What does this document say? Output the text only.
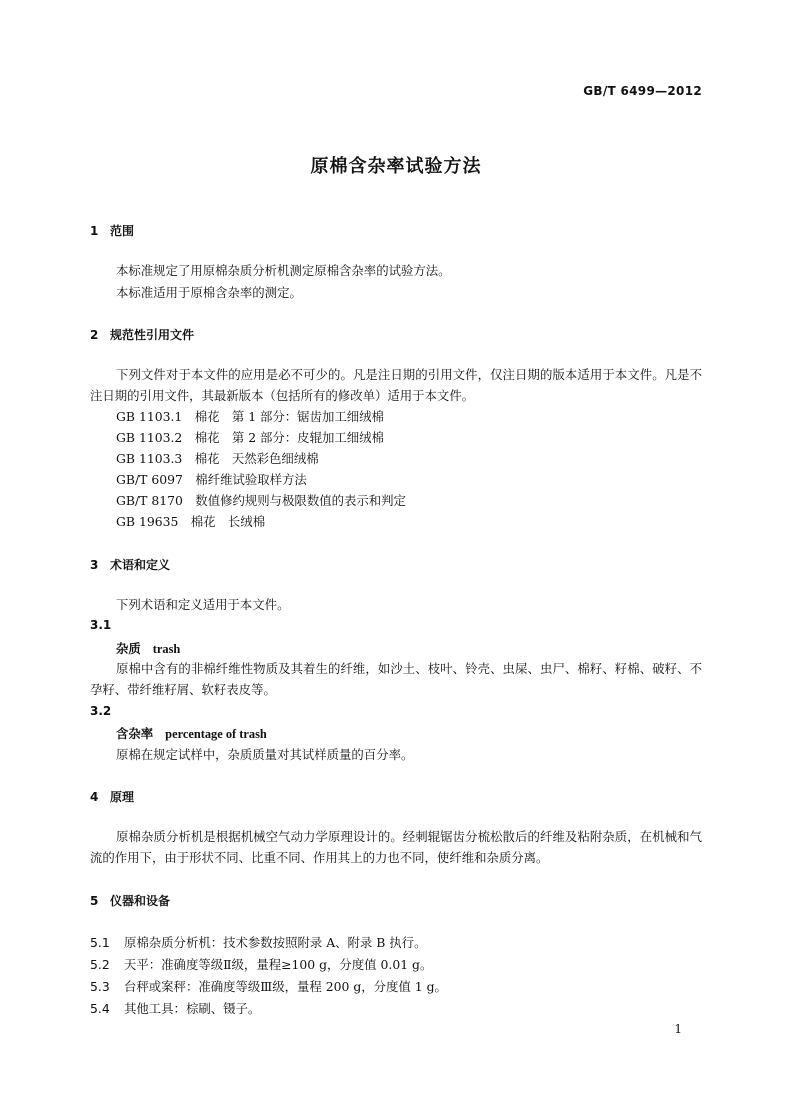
GB/T 6499—2012
原棉含杂率试验方法
1 范围

本标准规定了用原棉杂质分析机测定原棉含杂率的试验方法。

本标准适用于原棉含杂率的测定。

2 规范性引用文件

下列文件对于本文件的应用是必不可少的。凡是注日期的引用文件，仅注日期的版本适用于本文件。凡是不注日期的引用文件，其最新版本（包括所有的修改单）适用于本文件。

GB 1103.1　棉花　第 1 部分：锯齿加工细绒棉
GB 1103.2　棉花　第 2 部分：皮辊加工细绒棉
GB 1103.3　棉花　天然彩色细绒棉
GB/T 6097　棉纤维试验取样方法
GB/T 8170　数值修约规则与极限数值的表示和判定
GB 19635　棉花　长绒棉
3 术语和定义

下列术语和定义适用于本文件。

3.1
杂质 trash

原棉中含有的非棉纤维性物质及其着生的纤维，如沙土、枝叶、铃壳、虫屎、虫尸、棉籽、籽棉、破籽、不孕籽、带纤维籽屑、软籽表皮等。

3.2
含杂率 percentage of trash

原棉在规定试样中，杂质质量对其试样质量的百分率。

4 原理

原棉杂质分析机是根据机械空气动力学原理设计的。经刺辊锯齿分梳松散后的纤维及粘附杂质，在机械和气流的作用下，由于形状不同、比重不同、作用其上的力也不同，使纤维和杂质分离。

5 仪器和设备
5.1 原棉杂质分析机：技术参数按照附录 A、附录 B 执行。
5.2 天平：准确度等级Ⅱ级，量程≥100 g，分度值 0.01 g。
5.3 台秤或案秤：准确度等级Ⅲ级，量程 200 g，分度值 1 g。
5.4 其他工具：棕刷、镊子。
1
